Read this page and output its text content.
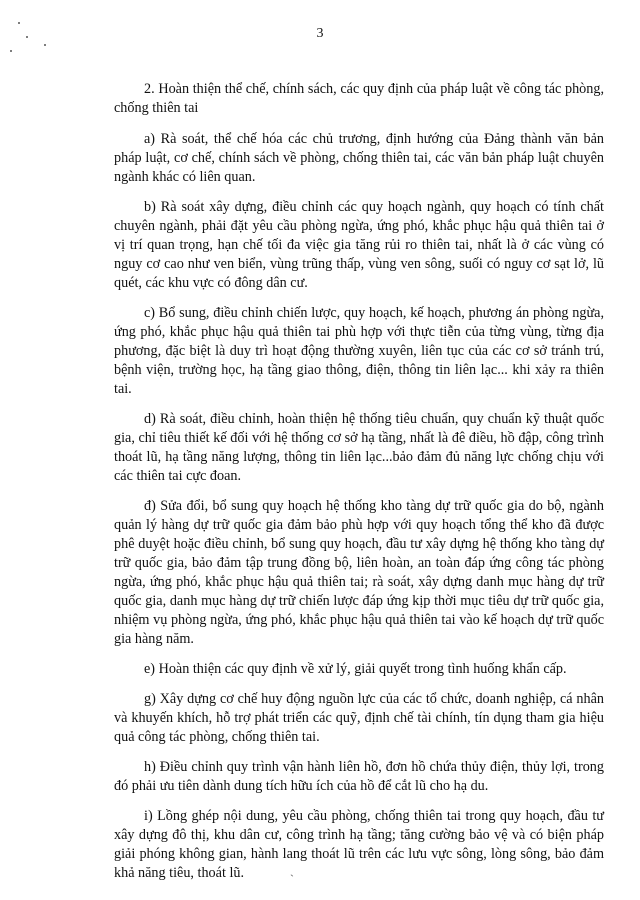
3

2. Hoàn thiện thể chế, chính sách, các quy định của pháp luật về công tác phòng, chống thiên tai

a) Rà soát, thể chế hóa các chủ trương, định hướng của Đảng thành văn bản pháp luật, cơ chế, chính sách về phòng, chống thiên tai, các văn bản pháp luật chuyên ngành khác có liên quan.

b) Rà soát xây dựng, điều chỉnh các quy hoạch ngành, quy hoạch có tính chất chuyên ngành, phải đặt yêu cầu phòng ngừa, ứng phó, khắc phục hậu quả thiên tai ở vị trí quan trọng, hạn chế tối đa việc gia tăng rủi ro thiên tai, nhất là ở các vùng có nguy cơ cao như ven biển, vùng trũng thấp, vùng ven sông, suối có nguy cơ sạt lở, lũ quét, các khu vực có đông dân cư.

c) Bổ sung, điều chỉnh chiến lược, quy hoạch, kế hoạch, phương án phòng ngừa, ứng phó, khắc phục hậu quả thiên tai phù hợp với thực tiễn của từng vùng, từng địa phương, đặc biệt là duy trì hoạt động thường xuyên, liên tục của các cơ sở tránh trú, bệnh viện, trường học, hạ tầng giao thông, điện, thông tin liên lạc... khi xảy ra thiên tai.

d) Rà soát, điều chỉnh, hoàn thiện hệ thống tiêu chuẩn, quy chuẩn kỹ thuật quốc gia, chỉ tiêu thiết kế đối với hệ thống cơ sở hạ tầng, nhất là đê điều, hồ đập, công trình thoát lũ, hạ tầng năng lượng, thông tin liên lạc...bảo đảm đủ năng lực chống chịu với các thiên tai cực đoan.

đ) Sửa đổi, bổ sung quy hoạch hệ thống kho tàng dự trữ quốc gia do bộ, ngành quản lý hàng dự trữ quốc gia đảm bảo phù hợp với quy hoạch tổng thể kho đã được phê duyệt hoặc điều chỉnh, bổ sung quy hoạch, đầu tư xây dựng hệ thống kho tàng dự trữ quốc gia, bảo đảm tập trung đồng bộ, liên hoàn, an toàn đáp ứng công tác phòng ngừa, ứng phó, khắc phục hậu quả thiên tai; rà soát, xây dựng danh mục hàng dự trữ quốc gia, danh mục hàng dự trữ chiến lược đáp ứng kịp thời mục tiêu dự trữ quốc gia, nhiệm vụ phòng ngừa, ứng phó, khắc phục hậu quả thiên tai vào kế hoạch dự trữ quốc gia hàng năm.

e) Hoàn thiện các quy định về xử lý, giải quyết trong tình huống khẩn cấp.

g) Xây dựng cơ chế huy động nguồn lực của các tổ chức, doanh nghiệp, cá nhân và khuyến khích, hỗ trợ phát triển các quỹ, định chế tài chính, tín dụng tham gia hiệu quả công tác phòng, chống thiên tai.

h) Điều chỉnh quy trình vận hành liên hồ, đơn hồ chứa thủy điện, thủy lợi, trong đó phải ưu tiên dành dung tích hữu ích của hồ để cắt lũ cho hạ du.

i) Lồng ghép nội dung, yêu cầu phòng, chống thiên tai trong quy hoạch, đầu tư xây dựng đô thị, khu dân cư, công trình hạ tầng; tăng cường bảo vệ và có biện pháp giải phóng không gian, hành lang thoát lũ trên các lưu vực sông, lòng sông, bảo đảm khả năng tiêu, thoát lũ.	ˋ
